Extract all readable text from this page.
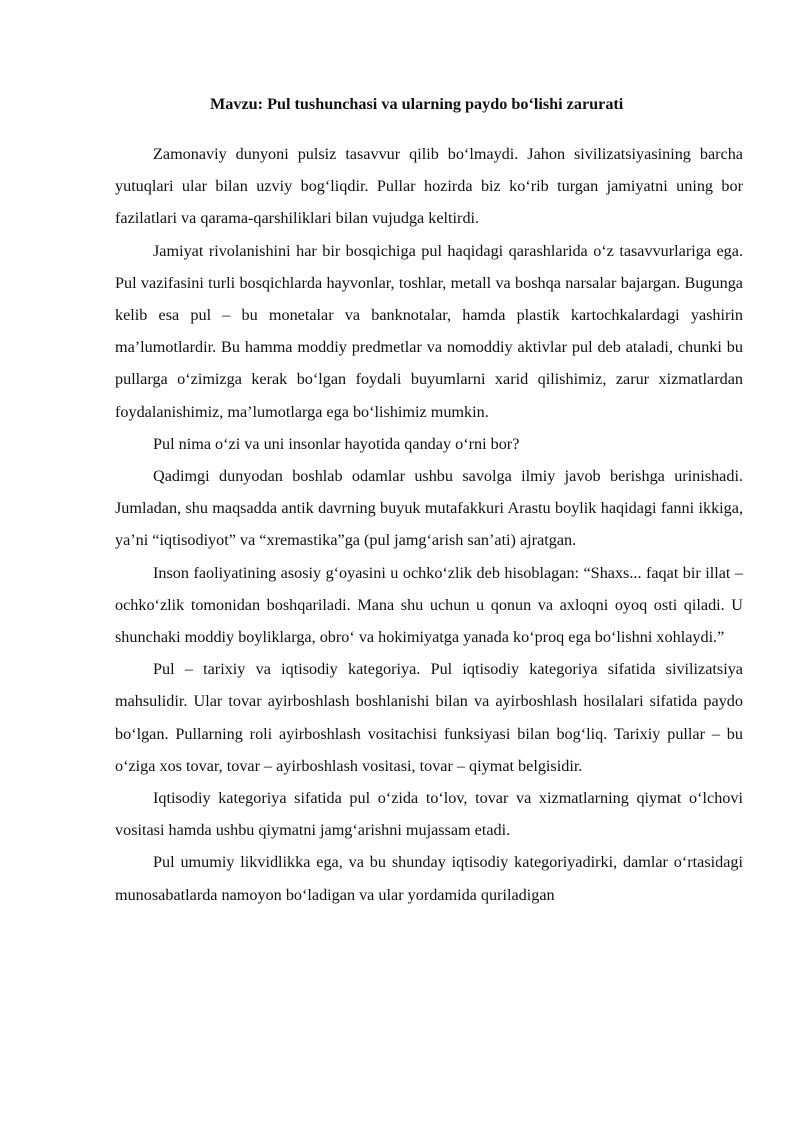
Mavzu: Pul tushunchasi va ularning paydo bo‘lishi zarurati

Zamonaviy dunyoni pulsiz tasavvur qilib bo‘lmaydi. Jahon sivilizatsiyasining barcha yutuqlari ular bilan uzviy bog‘liqdir. Pullar hozirda biz ko‘rib turgan jamiyatni uning bor fazilatlari va qarama-qarshiliklari bilan vujudga keltirdi.

Jamiyat rivolanishini har bir bosqichiga pul haqidagi qarashlarida o‘z tasavvurlariga ega. Pul vazifasini turli bosqichlarda hayvonlar, toshlar, metall va boshqa narsalar bajargan. Bugunga kelib esa pul – bu monetalar va banknotalar, hamda plastik kartochkalardagi yashirin ma’lumotlardir. Bu hamma moddiy predmetlar va nomoddiy aktivlar pul deb ataladi, chunki bu pullarga o‘zimizga kerak bo‘lgan foydali buyumlarni xarid qilishimiz, zarur xizmatlardan foydalanishimiz, ma’lumotlarga ega bo‘lishimiz mumkin.

Pul nima o‘zi va uni insonlar hayotida qanday o‘rni bor?

Qadimgi dunyodan boshlab odamlar ushbu savolga ilmiy javob berishga urinishadi. Jumladan, shu maqsadda antik davrning buyuk mutafakkuri Arastu boylik haqidagi fanni ikkiga, ya’ni “iqtisodiyot” va “xremastika”ga (pul jamg‘arish san’ati) ajratgan.

Inson faoliyatining asosiy g‘oyasini u ochko‘zlik deb hisoblagan: “Shaxs... faqat bir illat – ochko‘zlik tomonidan boshqariladi. Mana shu uchun u qonun va axloqni oyoq osti qiladi. U shunchaki moddiy boyliklarga, obro‘ va hokimiyatga yanada ko‘proq ega bo‘lishni xohlaydi.”

Pul – tarixiy va iqtisodiy kategoriya. Pul iqtisodiy kategoriya sifatida sivilizatsiya mahsulidir. Ular tovar ayirboshlash boshlanishi bilan va ayirboshlash hosilalari sifatida paydo bo‘lgan. Pullarning roli ayirboshlash vositachisi funksiyasi bilan bog‘liq. Tarixiy pullar – bu o‘ziga xos tovar, tovar – ayirboshlash vositasi, tovar – qiymat belgisidir.

Iqtisodiy kategoriya sifatida pul o‘zida to‘lov, tovar va xizmatlarning qiymat o‘lchovi vositasi hamda ushbu qiymatni jamg‘arishni mujassam etadi.

Pul umumiy likvidlikka ega, va bu shunday iqtisodiy kategoriyadirki, damlar o‘rtasidagi munosabatlarda namoyon bo‘ladigan va ular yordamida quriladigan
